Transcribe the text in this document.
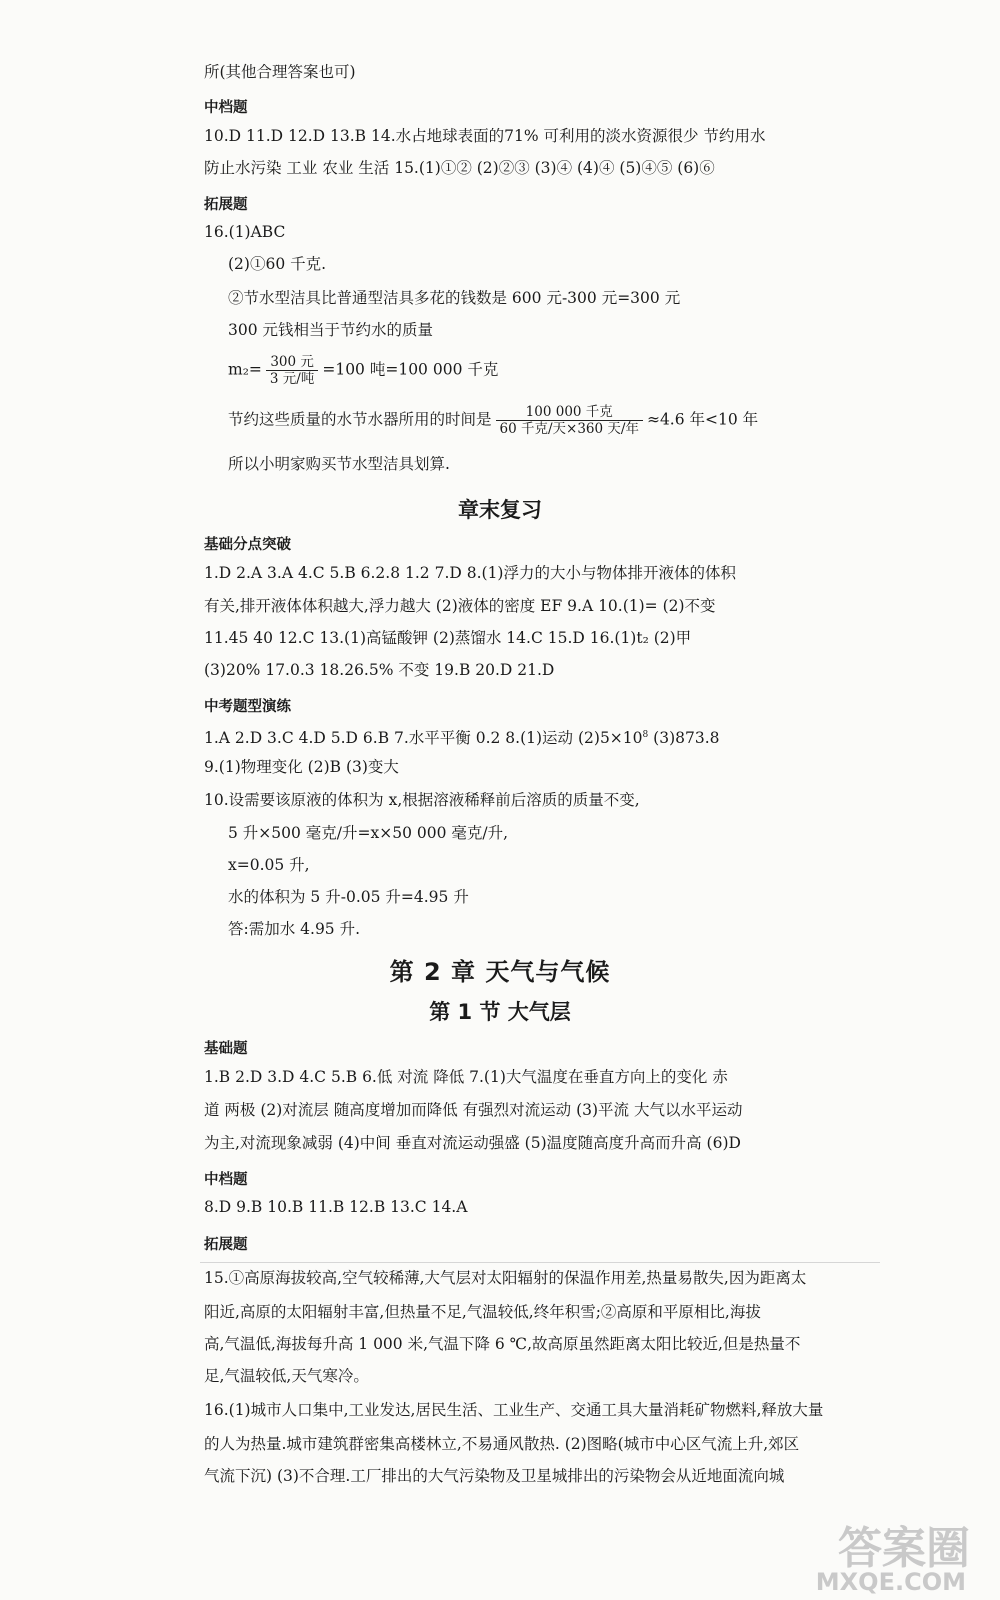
所(其他合理答案也可)
中档题
10.D 11.D 12.D 13.B 14.水占地球表面的71% 可利用的淡水资源很少 节约用水
防止水污染 工业 农业 生活 15.(1)①② (2)②③ (3)④ (4)④ (5)④⑤ (6)⑥
拓展题
16.(1)ABC
(2)①60 千克.
②节水型洁具比普通型洁具多花的钱数是 600 元-300 元=300 元
300 元钱相当于节约水的质量
$m_2= \frac{\text{300 元}}{\text{3 元/吨}} =100$ 吨=100 000 千克
节约这些质量的水节水器所用的时间是 $\frac{\text{100 000 千克}}{\text{60 千克/天×360 天/年}} \approx 4.6$ 年<10 年
所以小明家购买节水型洁具划算.
章末复习
基础分点突破
1.D 2.A 3.A 4.C 5.B 6.2.8 1.2 7.D 8.(1)浮力的大小与物体排开液体的体积
有关,排开液体体积越大,浮力越大 (2)液体的密度 EF 9.A 10.(1)= (2)不变
11.45 40 12.C 13.(1)高锰酸钾 (2)蒸馏水 14.C 15.D 16.(1)t₂ (2)甲
(3)20% 17.0.3 18.26.5% 不变 19.B 20.D 21.D
中考题型演练
1.A 2.D 3.C 4.D 5.D 6.B 7.水平平衡 0.2 8.(1)运动 $(2)5\times 10^8$ (3)873.8
9.(1)物理变化 (2)B (3)变大
10.设需要该原液的体积为 x,根据溶液稀释前后溶质的质量不变,
5 升×500 毫克/升=x×50 000 毫克/升,
x=0.05 升,
水的体积为 5 升-0.05 升=4.95 升
答:需加水 4.95 升.
第 2 章 天气与气候
第 1 节 大气层
基础题
1.B 2.D 3.D 4.C 5.B 6.低 对流 降低 7.(1)大气温度在垂直方向上的变化 赤
道 两极 (2)对流层 随高度增加而降低 有强烈对流运动 (3)平流 大气以水平运动
为主,对流现象减弱 (4)中间 垂直对流运动强盛 (5)温度随高度升高而升高 (6)D
中档题
8.D 9.B 10.B 11.B 12.B 13.C 14.A
拓展题
15.①高原海拔较高,空气较稀薄,大气层对太阳辐射的保温作用差,热量易散失,因为距离太
阳近,高原的太阳辐射丰富,但热量不足,气温较低,终年积雪;②高原和平原相比,海拔
高,气温低,海拔每升高 1 000 米,气温下降 6 ℃,故高原虽然距离太阳比较近,但是热量不
足,气温较低,天气寒冷。
16.(1)城市人口集中,工业发达,居民生活、工业生产、交通工具大量消耗矿物燃料,释放大量
的人为热量.城市建筑群密集高楼林立,不易通风散热. (2)图略(城市中心区气流上升,郊区
气流下沉) (3)不合理.工厂排出的大气污染物及卫星城排出的污染物会从近地面流向城
答案圈
MXQE.COM
